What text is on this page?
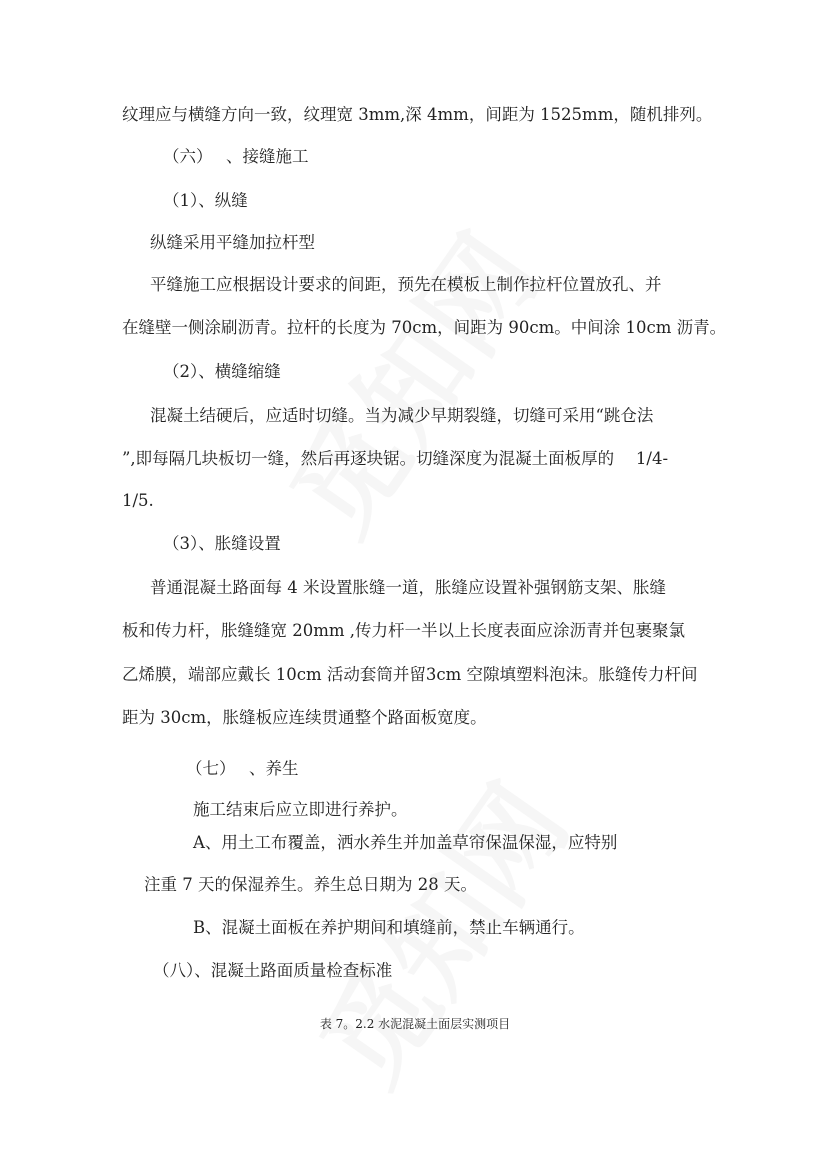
纹理应与横缝方向一致，纹理宽 3mm,深 4mm，间距为 1525mm，随机排列。
（六）　 、接缝施工
（1）、纵缝
纵缝采用平缝加拉杆型
平缝施工应根据设计要求的间距，预先在模板上制作拉杆位置放孔、并
在缝壁一侧涂刷沥青。拉杆的长度为 70cm，间距为 90cm。中间涂 10cm 沥青。
（2）、横缝缩缝
混凝土结硬后，应适时切缝。当为减少早期裂缝，切缝可采用“跳仓法
”,即每隔几块板切一缝，然后再逐块锯。切缝深度为混凝土面板厚的　 1/4-
1/5.
（3）、胀缝设置
普通混凝土路面每 4 米设置胀缝一道，胀缝应设置补强钢筋支架、胀缝
板和传力杆，胀缝缝宽 20mm ,传力杆一半以上长度表面应涂沥青并包裹聚氯
乙烯膜，端部应戴长 10cm 活动套筒并留3cm 空隙填塑料泡沫。胀缝传力杆间
距为 30cm，胀缝板应连续贯通整个路面板宽度。
（七）　 、养生
施工结束后应立即进行养护。
A、用土工布覆盖，洒水养生并加盖草帘保温保湿，应特别
注重 7 天的保湿养生。养生总日期为 28 天。
B、混凝土面板在养护期间和填缝前，禁止车辆通行。
（八）、混凝土路面质量检查标准
表 7。2.2 水泥混凝土面层实测项目
